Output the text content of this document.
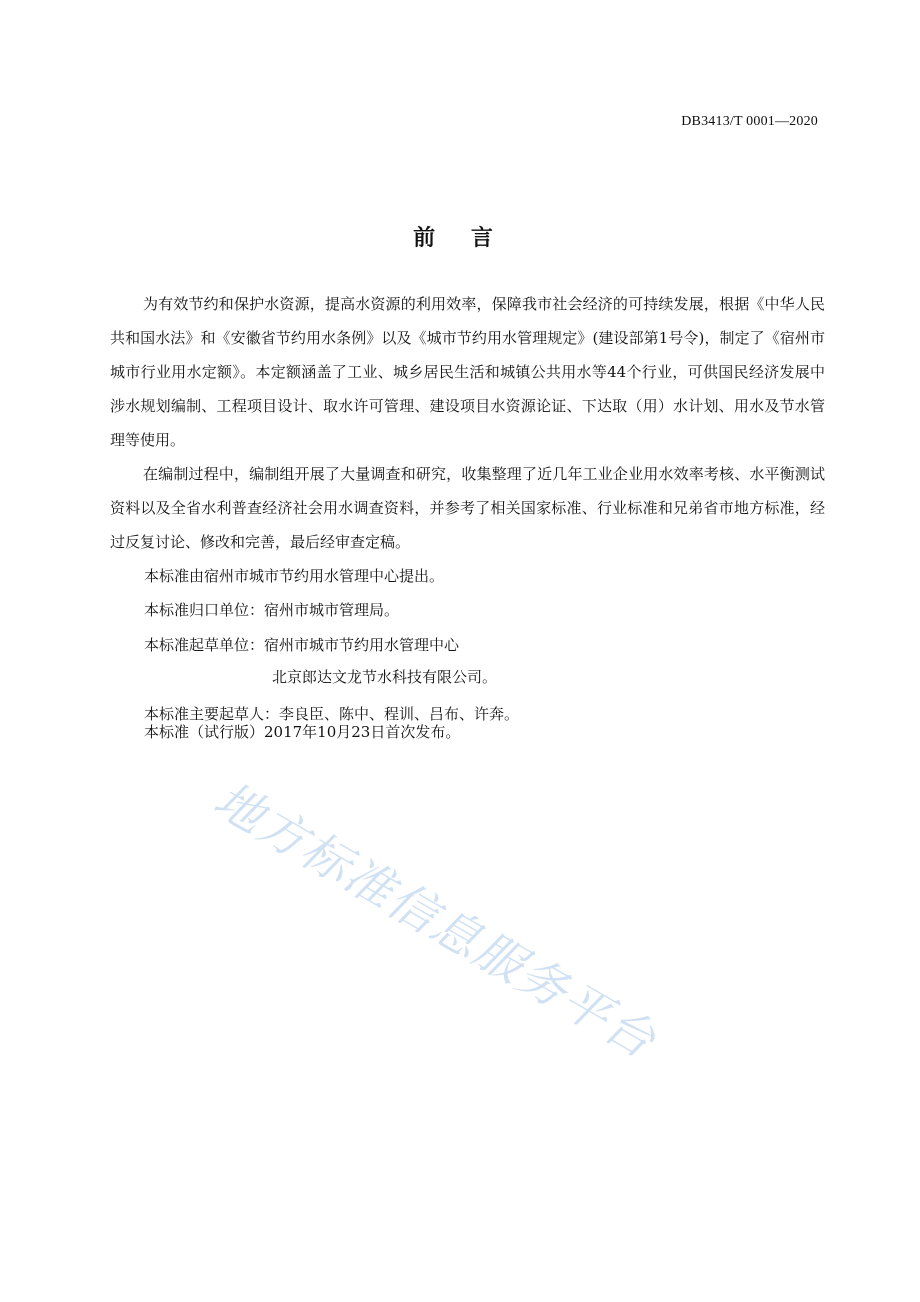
DB3413/T 0001—2020
前 言

为有效节约和保护水资源，提高水资源的利用效率，保障我市社会经济的可持续发展，根据《中华人民共和国水法》和《安徽省节约用水条例》以及《城市节约用水管理规定》(建设部第1号令)，制定了《宿州市城市行业用水定额》。本定额涵盖了工业、城乡居民生活和城镇公共用水等44个行业，可供国民经济发展中涉水规划编制、工程项目设计、取水许可管理、建设项目水资源论证、下达取（用）水计划、用水及节水管理等使用。

在编制过程中，编制组开展了大量调查和研究，收集整理了近几年工业企业用水效率考核、水平衡测试资料以及全省水利普查经济社会用水调查资料，并参考了相关国家标准、行业标准和兄弟省市地方标准，经过反复讨论、修改和完善，最后经审查定稿。

本标准由宿州市城市节约用水管理中心提出。
本标准归口单位：宿州市城市管理局。
本标准起草单位：宿州市城市节约用水管理中心
北京郎达文龙节水科技有限公司。
本标准主要起草人：李良臣、陈中、程训、吕布、许奔。
本标准（试行版）2017年10月23日首次发布。
地方标准信息服务平台
